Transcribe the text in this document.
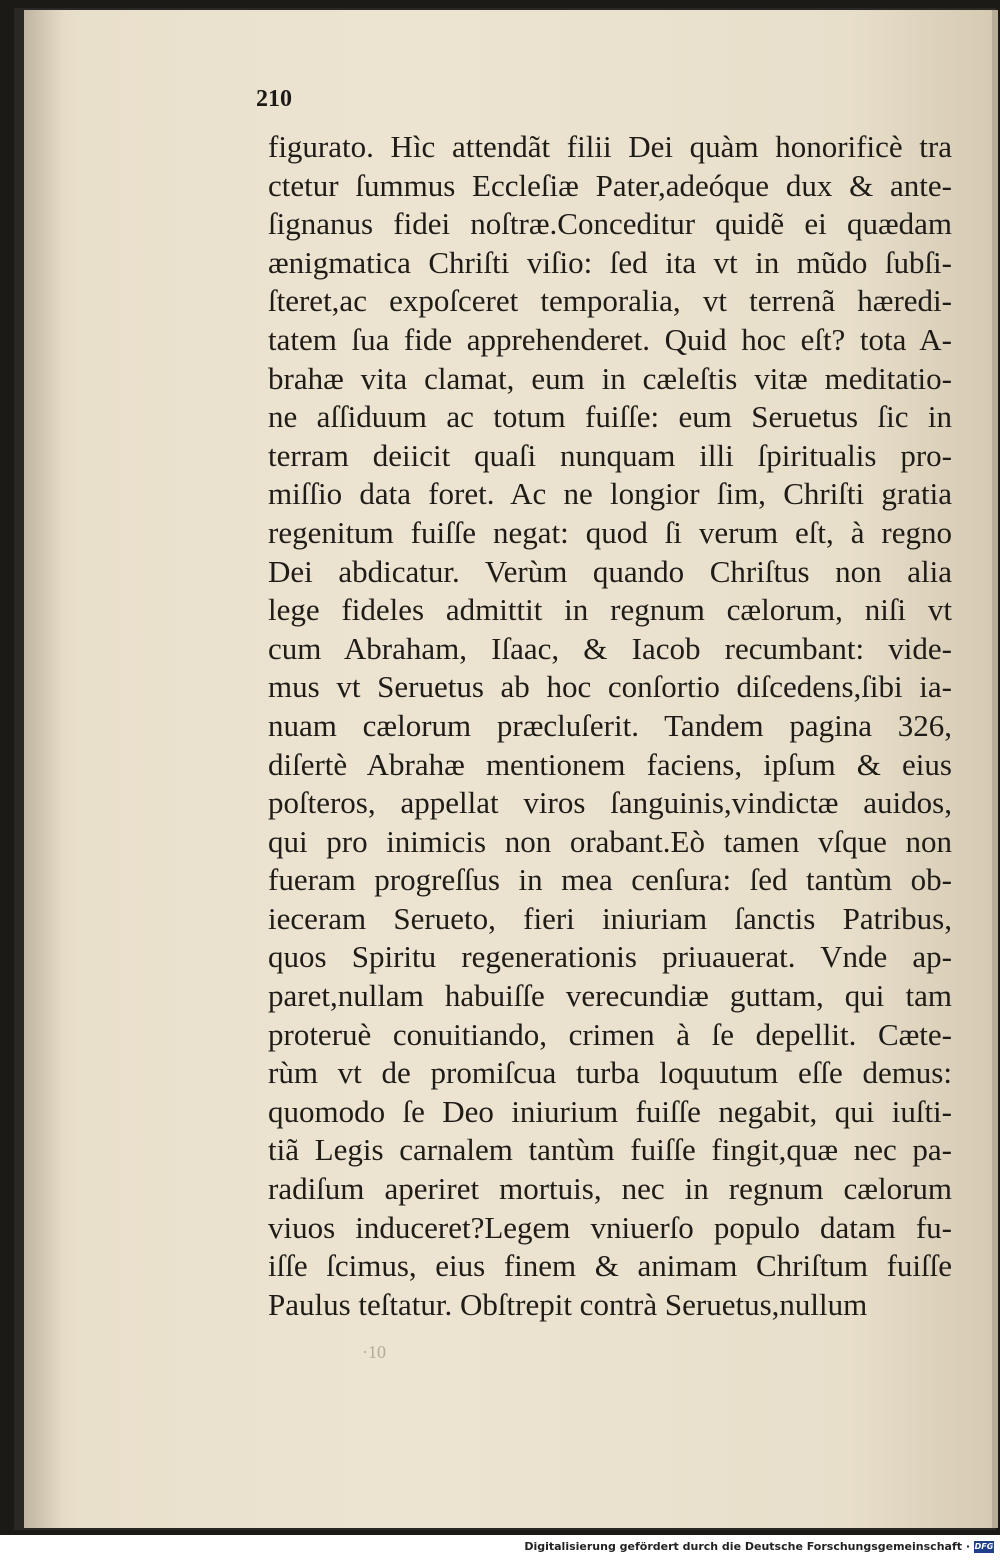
210
figurato. Hìc attendãt filii Dei quàm honorificè tra
ctetur ſummus Eccleſiæ Pater,adeóque dux & ante-
ſignanus fidei noſtræ.Conceditur quidẽ ei quædam
ænigmatica Chriſti viſio: ſed ita vt in mũdo ſubſi-
ſteret,ac expoſceret temporalia, vt terrenã hæredi-
tatem ſua fide apprehenderet. Quid hoc eſt? tota A-
brahæ vita clamat, eum in cæleſtis vitæ meditatio-
ne aſſiduum ac totum fuiſſe: eum Seruetus ſic in
terram deiicit quaſi nunquam illi ſpiritualis pro-
miſſio data foret. Ac ne longior ſim, Chriſti gratia
regenitum fuiſſe negat: quod ſi verum eſt, à regno
Dei abdicatur. Verùm quando Chriſtus non alia
lege fideles admittit in regnum cælorum, niſi vt
cum Abraham, Iſaac, & Iacob recumbant: vide-
mus vt Seruetus ab hoc conſortio diſcedens,ſibi ia-
nuam cælorum præcluſerit. Tandem pagina 326,
diſertè Abrahæ mentionem faciens, ipſum & eius
poſteros, appellat viros ſanguinis,vindictæ auidos,
qui pro inimicis non orabant.Eò tamen vſque non
fueram progreſſus in mea cenſura: ſed tantùm ob-
ieceram Serueto, fieri iniuriam ſanctis Patribus,
quos Spiritu regenerationis priuauerat. Vnde ap-
paret,nullam habuiſſe verecundiæ guttam, qui tam
proteruè conuitiando, crimen à ſe depellit. Cæte-
rùm vt de promiſcua turba loquutum eſſe demus:
quomodo ſe Deo iniurium fuiſſe negabit, qui iuſti-
tiã Legis carnalem tantùm fuiſſe fingit,quæ nec pa-
radiſum aperiret mortuis, nec in regnum cælorum
viuos induceret?Legem vniuerſo populo datam fu-
iſſe ſcimus, eius finem & animam Chriſtum fuiſſe
Paulus teſtatur. Obſtrepit contrà Seruetus,nullum
·10
Digitalisierung gefördert durch die Deutsche Forschungsgemeinschaft · DFG
